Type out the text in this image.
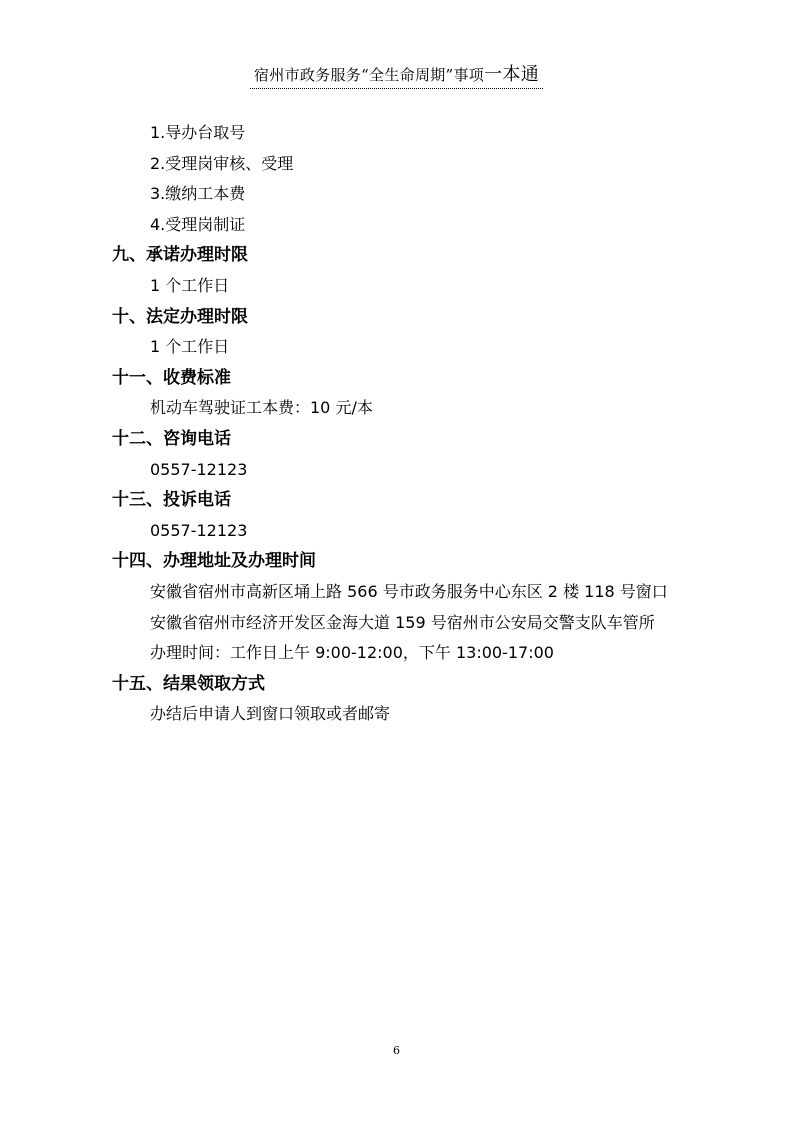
宿州市政务服务“全生命周期”事项一本通
1.导办台取号
2.受理岗审核、受理
3.缴纳工本费
4.受理岗制证
九、承诺办理时限
1 个工作日
十、法定办理时限
1 个工作日
十一、收费标准
机动车驾驶证工本费：10 元/本
十二、咨询电话
0557-12123
十三、投诉电话
0557-12123
十四、办理地址及办理时间
安徽省宿州市高新区埇上路 566 号市政务服务中心东区 2 楼 118 号窗口
安徽省宿州市经济开发区金海大道 159 号宿州市公安局交警支队车管所
办理时间：工作日上午 9:00-12:00，下午 13:00-17:00
十五、结果领取方式
办结后申请人到窗口领取或者邮寄
6
